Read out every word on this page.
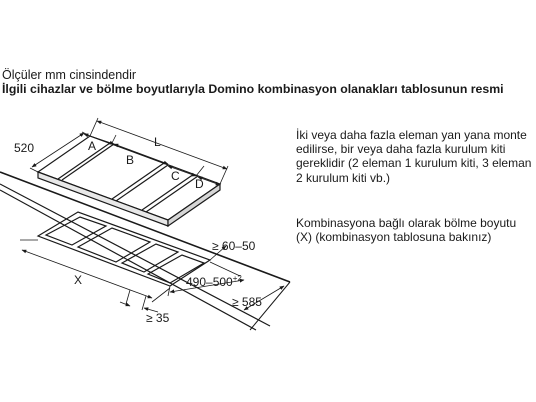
Ölçüler mm cinsindendir
İlgili cihazlar ve bölme boyutlarıyla Domino kombinasyon olanakları tablosunun resmi
İki veya daha fazla eleman yan yana monte edilirse, bir veya daha fazla kurulum kiti gereklidir (2 eleman 1 kurulum kiti, 3 eleman 2 kurulum kiti vb.)
Kombinasyona bağlı olarak bölme boyutu (X) (kombinasyon tablosuna bakınız)
520	L
A
B
C
D
X
≥ 60–50
$490-500^{+2}$
≥ 585
≥ 35
